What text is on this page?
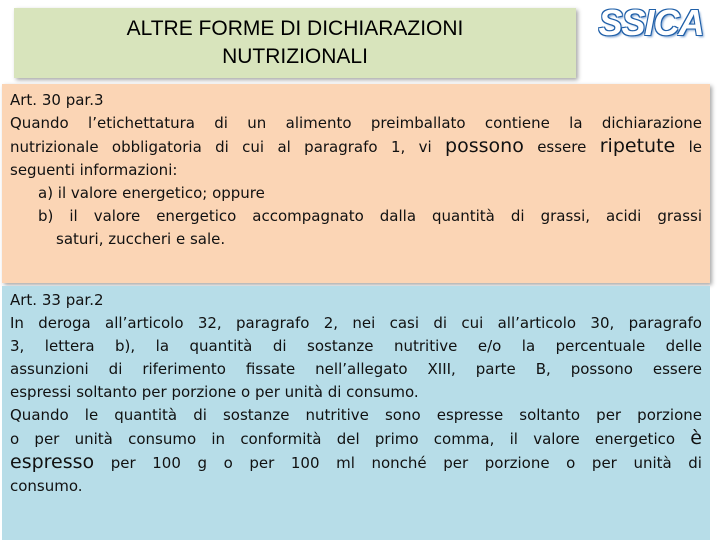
ALTRE FORME DI DICHIARAZIONI
NUTRIZIONALI
SSICA
Art. 30 par.3
Quando l’etichettatura di un alimento preimballato contiene la dichiarazione
nutrizionale obbligatoria di cui al paragrafo 1, vi possono essere ripetute le
seguenti informazioni:
a) il valore energetico; oppure
b) il valore energetico accompagnato dalla quantità di grassi, acidi grassi
saturi, zuccheri e sale.
Art. 33 par.2
In deroga all’articolo 32, paragrafo 2, nei casi di cui all’articolo 30, paragrafo
3, lettera b), la quantità di sostanze nutritive e/o la percentuale delle
assunzioni di riferimento fissate nell’allegato XIII, parte B, possono essere
espressi soltanto per porzione o per unità di consumo.
Quando le quantità di sostanze nutritive sono espresse soltanto per porzione
o per unità consumo in conformità del primo comma, il valore energetico è
espresso per 100 g o per 100 ml nonché per porzione o per unità di
consumo.
